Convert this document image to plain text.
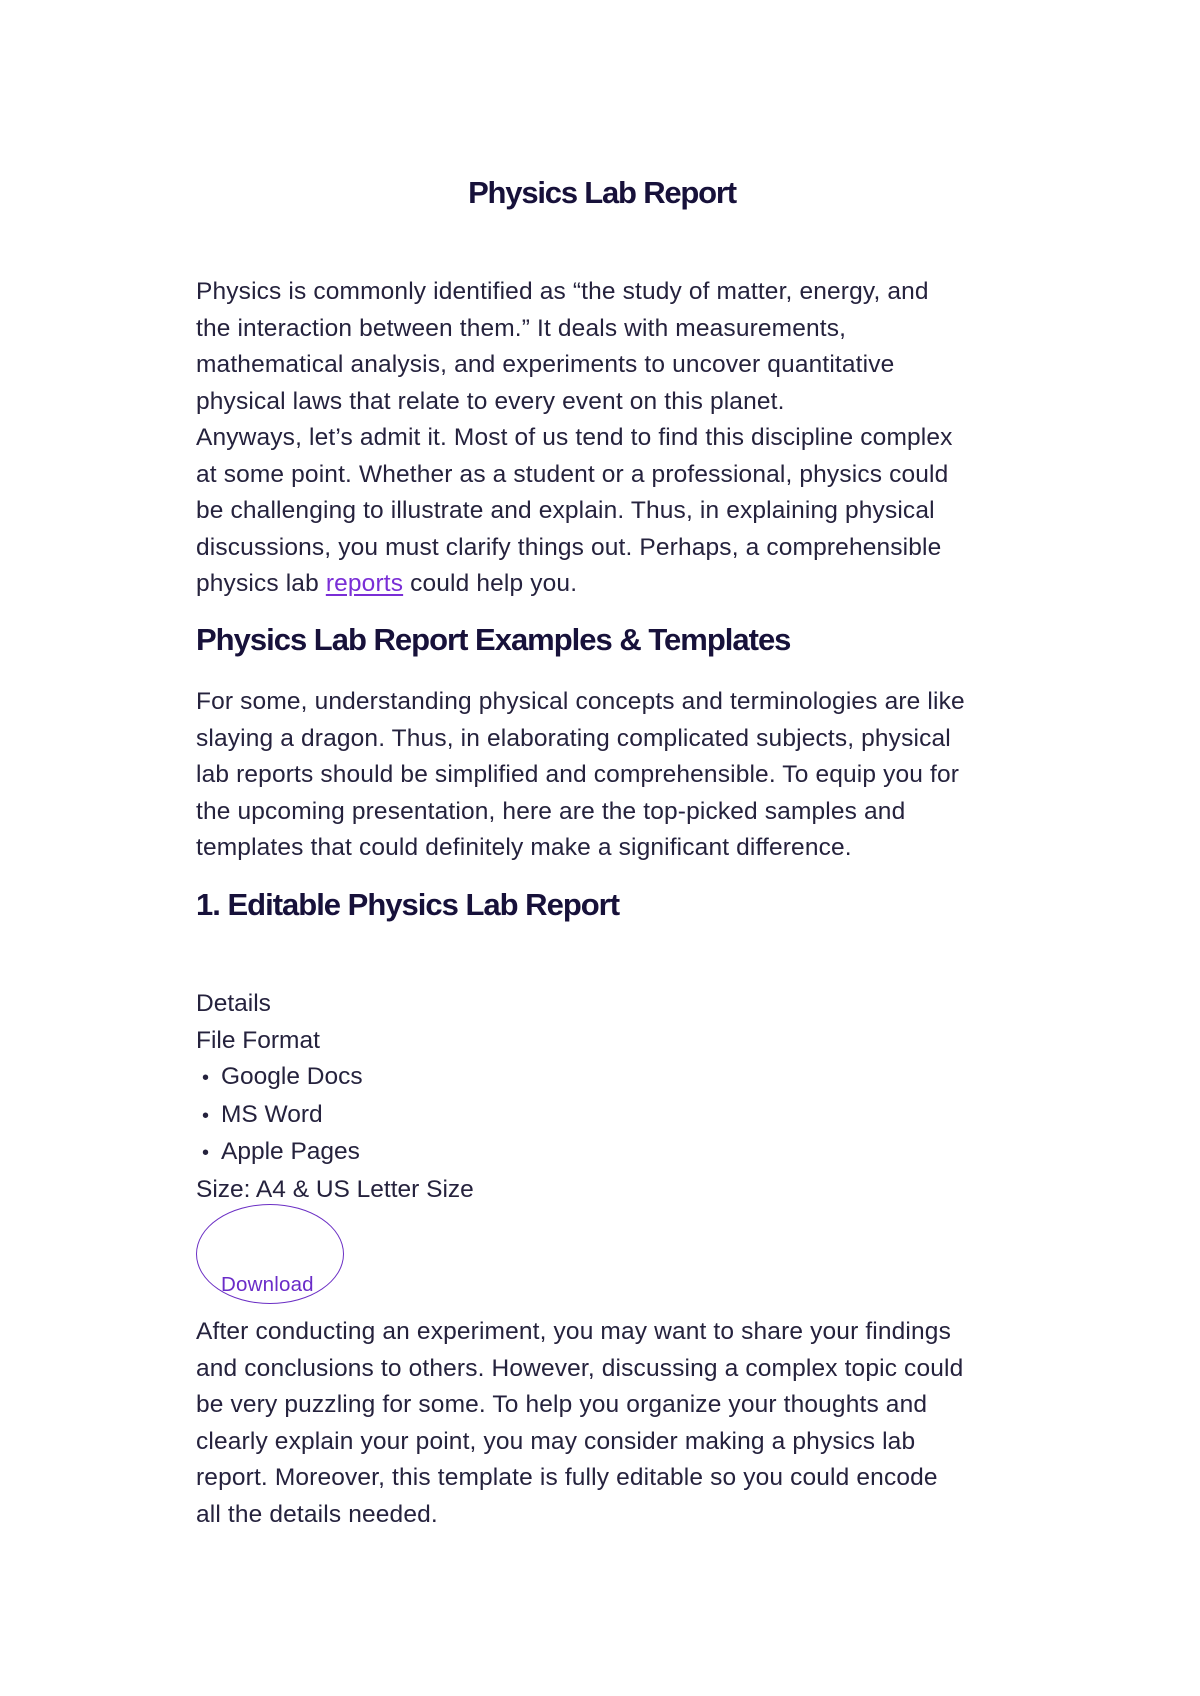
Physics Lab Report

Physics is commonly identified as “the study of matter, energy, and the interaction between them.” It deals with measurements, mathematical analysis, and experiments to uncover quantitative physical laws that relate to every event on this planet.
Anyways, let’s admit it. Most of us tend to find this discipline complex at some point. Whether as a student or a professional, physics could be challenging to illustrate and explain. Thus, in explaining physical discussions, you must clarify things out. Perhaps, a comprehensible physics lab reports could help you.

Physics Lab Report Examples & Templates

For some, understanding physical concepts and terminologies are like slaying a dragon. Thus, in elaborating complicated subjects, physical lab reports should be simplified and comprehensible. To equip you for the upcoming presentation, here are the top-picked samples and templates that could definitely make a significant difference.

1. Editable Physics Lab Report
Details
File Format
• Google Docs
• MS Word
• Apple Pages
Size: A4 & US Letter Size
Download

After conducting an experiment, you may want to share your findings and conclusions to others. However, discussing a complex topic could be very puzzling for some. To help you organize your thoughts and clearly explain your point, you may consider making a physics lab report. Moreover, this template is fully editable so you could encode all the details needed.
